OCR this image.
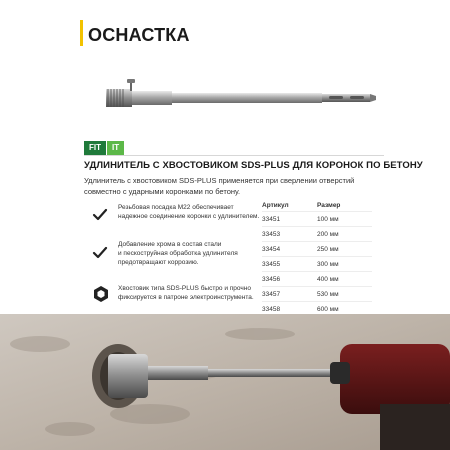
ОСНАСТКА
FIT	IT
УДЛИНИТЕЛЬ С ХВОСТОВИКОМ SDS-PLUS ДЛЯ КОРОНОК ПО БЕТОНУ
Удлинитель с хвостовиком SDS-PLUS применяется при сверлении отверстий
совместно с ударными коронками по бетону.
Резьбовая посадка М22 обеспечивает
надежное соединение коронки с удлинителем.
Добавление хрома в состав стали
и пескоструйная обработка удлинителя
предотвращают коррозию.
Хвостовик типа SDS-PLUS быстро и прочно
фиксируется в патроне электроинструмента.
Артикул	Размер
33451	100 мм
33453	200 мм
33454	250 мм
33455	300 мм
33456	400 мм
33457	530 мм
33458	600 мм
